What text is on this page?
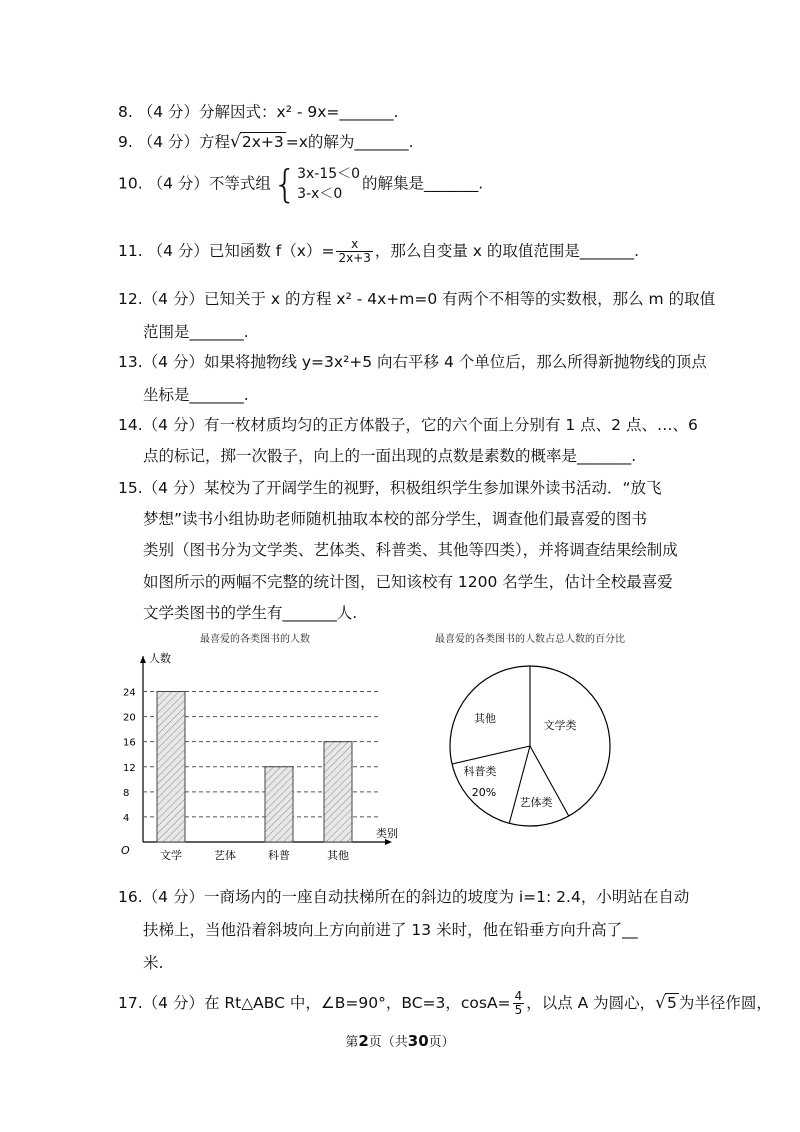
8. （4 分）分解因式：x² - 9x=_______.
9. （4 分）方程√2x+3 =x的解为_______.
10. （4 分）不等式组{ 3x-15＜0
3-x＜0
的解集是_______.
11. （4 分）已知函数 $f(x)= \frac{x}{2x+3}$ ，那么自变量 x 的取值范围是_______.
12.（4 分）已知关于 x 的方程 x² - 4x+m=0 有两个不相等的实数根，那么 m 的取值
范围是_______.
13.（4 分）如果将抛物线 y=3x²+5 向右平移 4 个单位后，那么所得新抛物线的顶点
坐标是_______.
14.（4 分）有一枚材质均匀的正方体骰子，它的六个面上分别有 1 点、2 点、…、6
点的标记，掷一次骰子，向上的一面出现的点数是素数的概率是_______.
15.（4 分）某校为了开阔学生的视野，积极组织学生参加课外读书活动．“放飞
梦想”读书小组协助老师随机抽取本校的部分学生，调查他们最喜爱的图书
类别（图书分为文学类、艺体类、科普类、其他等四类），并将调查结果绘制成
如图所示的两幅不完整的统计图，已知该校有 1200 名学生，估计全校最喜爱
文学类图书的学生有_______人.
最喜爱的各类图书的人数
人数
类别
O
4
8
12
16
20
24
文学	艺体	科普	其他
最喜爱的各类图书的人数占总人数的百分比
文学类
艺体类
科普类
20%
其他
16.（4 分）一商场内的一座自动扶梯所在的斜边的坡度为 i=1: 2.4，小明站在自动
扶梯上，当他沿着斜坡向上方向前进了 13 米时，他在铅垂方向升高了__
米.
17.（4 分）在 Rt△ABC 中，∠B=90°，BC=3，$\cos A= \frac{4}{5}$ ，以点 A 为圆心，√5 为半径作圆，
第2页（共30页）
